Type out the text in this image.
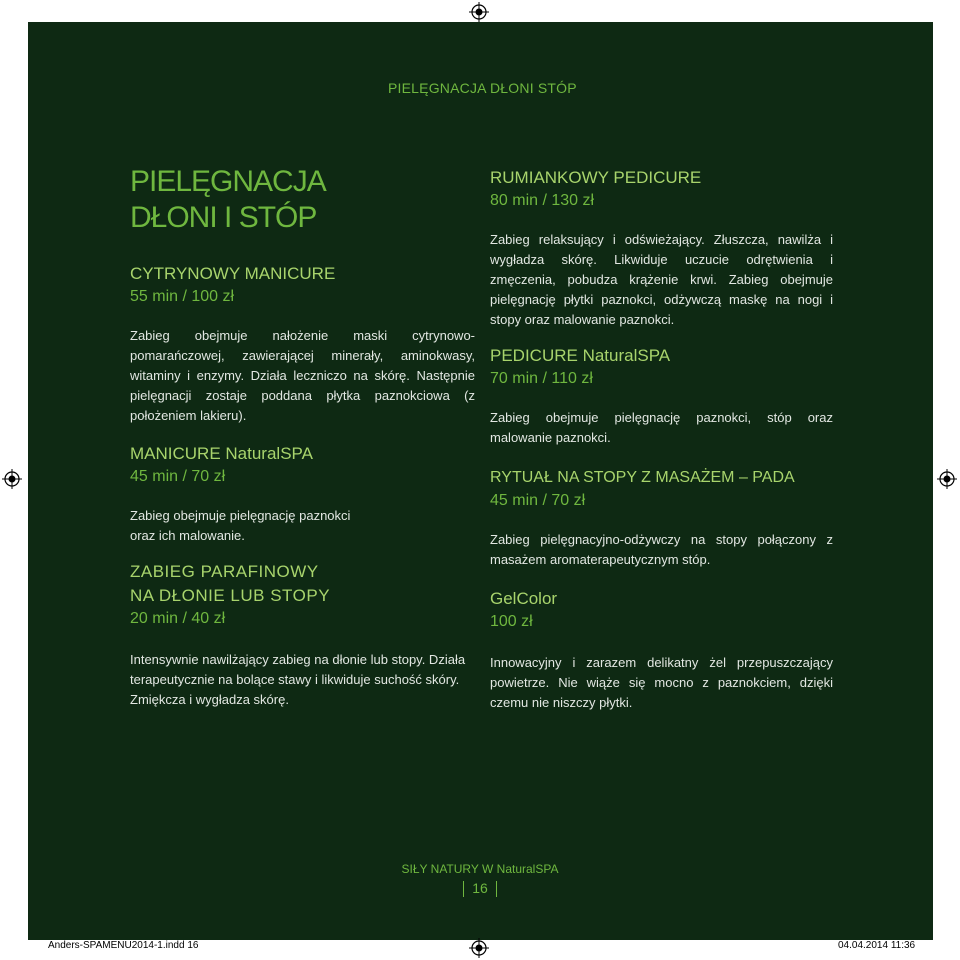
PIELĘGNACJA DŁONI STÓP
PIELĘGNACJA
DŁONI I STÓP
CYTRYNOWY MANICURE
55 min / 100 zł
Zabieg obejmuje nałożenie maski cytrynowo-pomarańczowej, zawierającej minerały, aminokwasy, witaminy i enzymy. Działa leczniczo na skórę. Następnie pielęgnacji zostaje poddana płytka paznokciowa (z położeniem lakieru).
MANICURE NaturalSPA
45 min / 70 zł
Zabieg obejmuje pielęgnację paznokci oraz ich malowanie.
ZABIEG PARAFINOWY
NA DŁONIE LUB STOPY
20 min / 40 zł
Intensywnie nawilżający zabieg na dłonie lub stopy. Działa terapeutycznie na bolące stawy i likwiduje suchość skóry. Zmiękcza i wygładza skórę.
RUMIANKOWY PEDICURE
80 min / 130 zł
Zabieg relaksujący i odświeżający. Złuszcza, nawilża i wygładza skórę. Likwiduje uczucie odrętwienia i zmęczenia, pobudza krążenie krwi. Zabieg obejmuje pielęgnację płytki paznokci, odżywczą maskę na nogi i stopy oraz malowanie paznokci.
PEDICURE NaturalSPA
70 min / 110 zł
Zabieg obejmuje pielęgnację paznokci, stóp oraz malowanie paznokci.
RYTUAŁ NA STOPY Z MASAŻEM – PADA
45 min / 70 zł
Zabieg pielęgnacyjno-odżywczy na stopy połączony z masażem aromaterapeutycznym stóp.
GelColor
100 zł
Innowacyjny i zarazem delikatny żel przepuszczający powietrze. Nie wiąże się mocno z paznokciem, dzięki czemu nie niszczy płytki.
SIŁY NATURY W NaturalSPA
16
Anders-SPAMENU2014-1.indd 16	04.04.2014 11:36
